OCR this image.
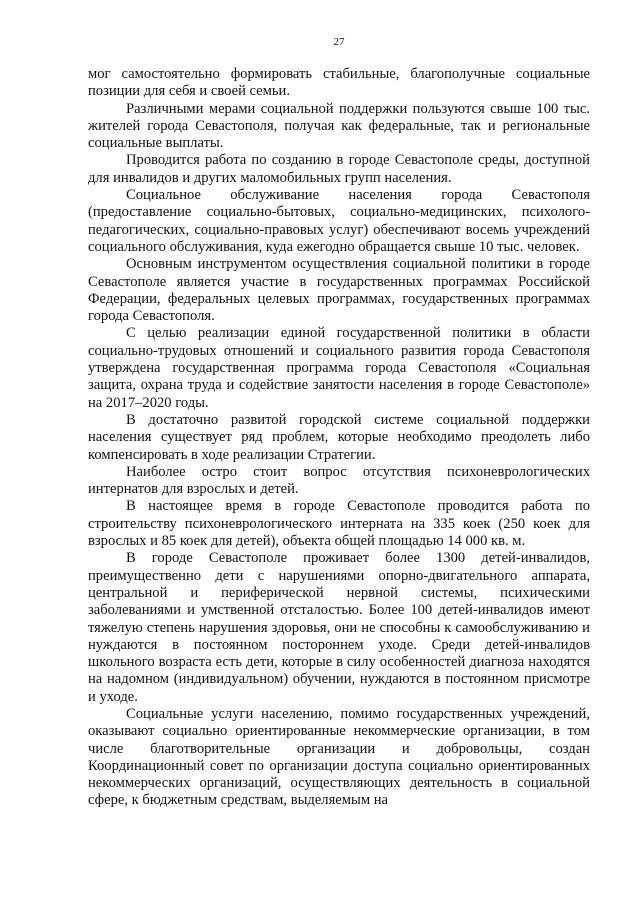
27

мог самостоятельно формировать стабильные, благополучные социальные позиции для себя и своей семьи.

Различными мерами социальной поддержки пользуются свыше 100 тыс. жителей города Севастополя, получая как федеральные, так и региональные социальные выплаты.

Проводится работа по созданию в городе Севастополе среды, доступной для инвалидов и других маломобильных групп населения.

Социальное обслуживание населения города Севастополя (предоставление социально-бытовых, социально-медицинских, психолого-педагогических, социально-правовых услуг) обеспечивают восемь учреждений социального обслуживания, куда ежегодно обращается свыше 10 тыс. человек.

Основным инструментом осуществления социальной политики в городе Севастополе является участие в государственных программах Российской Федерации, федеральных целевых программах, государственных программах города Севастополя.

С целью реализации единой государственной политики в области социально-трудовых отношений и социального развития города Севастополя утверждена государственная программа города Севастополя «Социальная защита, охрана труда и содействие занятости населения в городе Севастополе» на 2017–2020 годы.

В достаточно развитой городской системе социальной поддержки населения существует ряд проблем, которые необходимо преодолеть либо компенсировать в ходе реализации Стратегии.

Наиболее остро стоит вопрос отсутствия психоневрологических интернатов для взрослых и детей.

В настоящее время в городе Севастополе проводится работа по строительству психоневрологического интерната на 335 коек (250 коек для взрослых и 85 коек для детей), объекта общей площадью 14 000 кв. м.

В городе Севастополе проживает более 1300 детей-инвалидов, преимущественно дети с нарушениями опорно-двигательного аппарата, центральной и периферической нервной системы, психическими заболеваниями и умственной отсталостью. Более 100 детей-инвалидов имеют тяжелую степень нарушения здоровья, они не способны к самообслуживанию и нуждаются в постоянном постороннем уходе. Среди детей-инвалидов школьного возраста есть дети, которые в силу особенностей диагноза находятся на надомном (индивидуальном) обучении, нуждаются в постоянном присмотре и уходе.

Социальные услуги населению, помимо государственных учреждений, оказывают социально ориентированные некоммерческие организации, в том числе благотворительные организации и добровольцы, создан Координационный совет по организации доступа социально ориентированных некоммерческих организаций, осуществляющих деятельность в социальной сфере, к бюджетным средствам, выделяемым на
